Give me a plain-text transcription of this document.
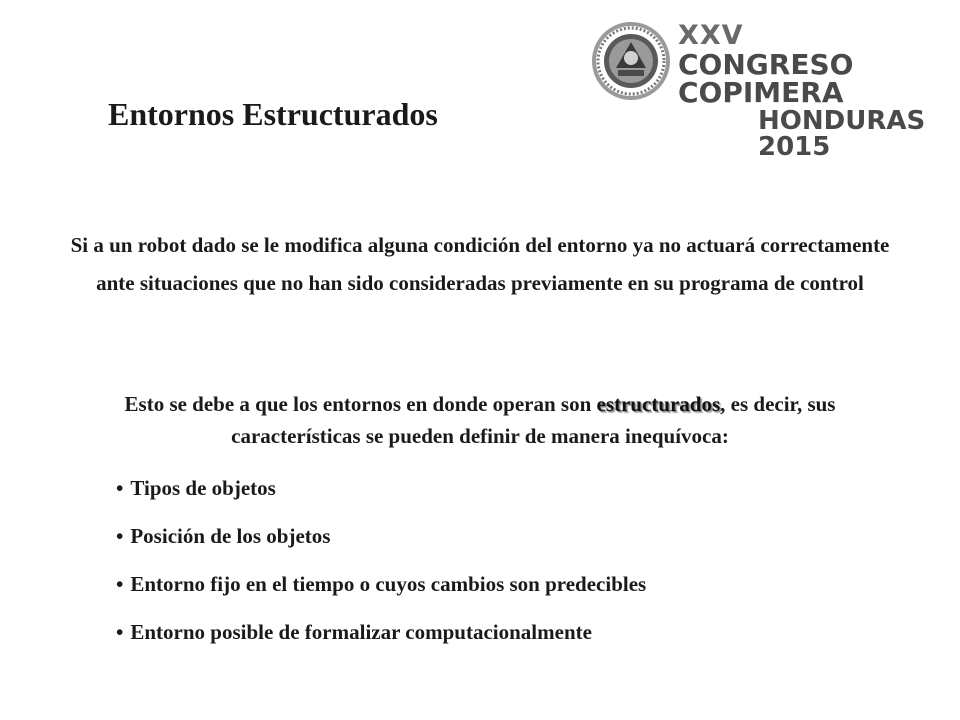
XXV
CONGRESO COPIMERA
HONDURAS 2015
Entornos Estructurados

Si a un robot dado se le modifica alguna condición del entorno ya no actuará correctamente ante situaciones que no han sido consideradas previamente en su programa de control

Esto se debe a que los entornos en donde operan son estructurados, es decir, sus características se pueden definir de manera inequívoca:

• Tipos de objetos
• Posición de los objetos
• Entorno fijo en el tiempo o cuyos cambios son predecibles
• Entorno posible de formalizar computacionalmente
